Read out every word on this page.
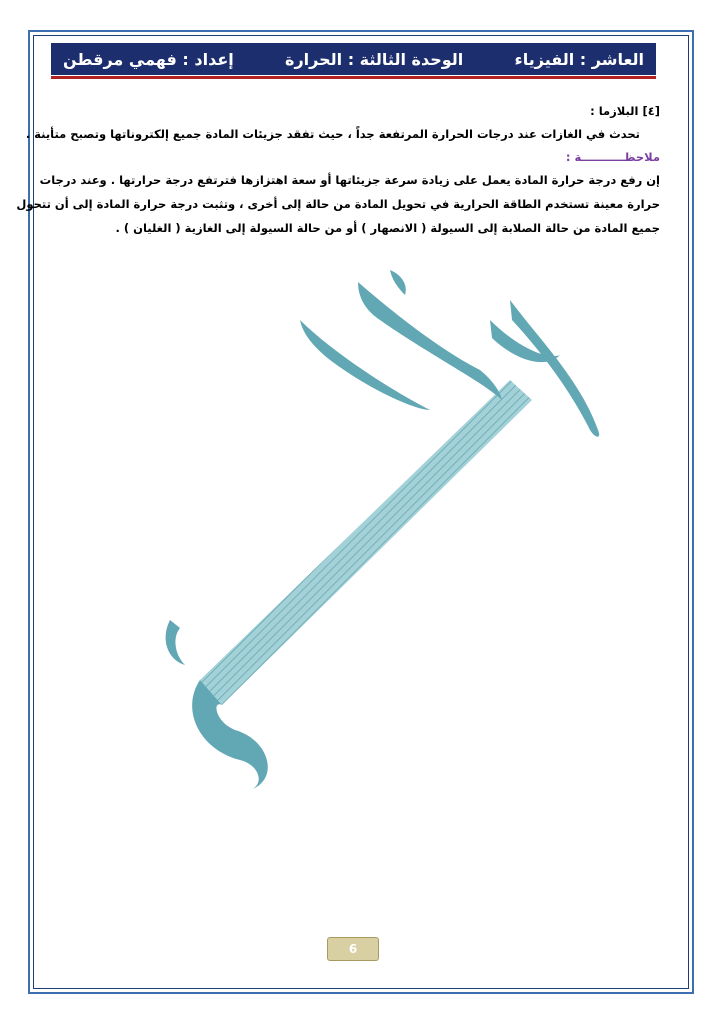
العاشر : الفيزياء
الوحدة الثالثة : الحرارة
إعداد : فهمي مرقطن
[٤] البلازما :
تحدث في الغازات عند درجات الحرارة المرتفعة جداً ، حيث تفقد جزيئات المادة جميع إلكتروناتها وتصبح متأينة .
ملاحظـــــــــــة :
إن رفع درجة حرارة المادة يعمل على زيادة سرعة جزيئاتها أو سعة اهتزازها فترتفع درجة حرارتها . وعند درجات
حرارة معينة تستخدم الطاقة الحرارية في تحويل المادة من حالة إلى أخرى ، وتثبت درجة حرارة المادة إلى أن تتحول
جميع المادة من حالة الصلابة إلى السيولة ( الانصهار ) أو من حالة السيولة إلى الغازية ( الغليان ) .
6
